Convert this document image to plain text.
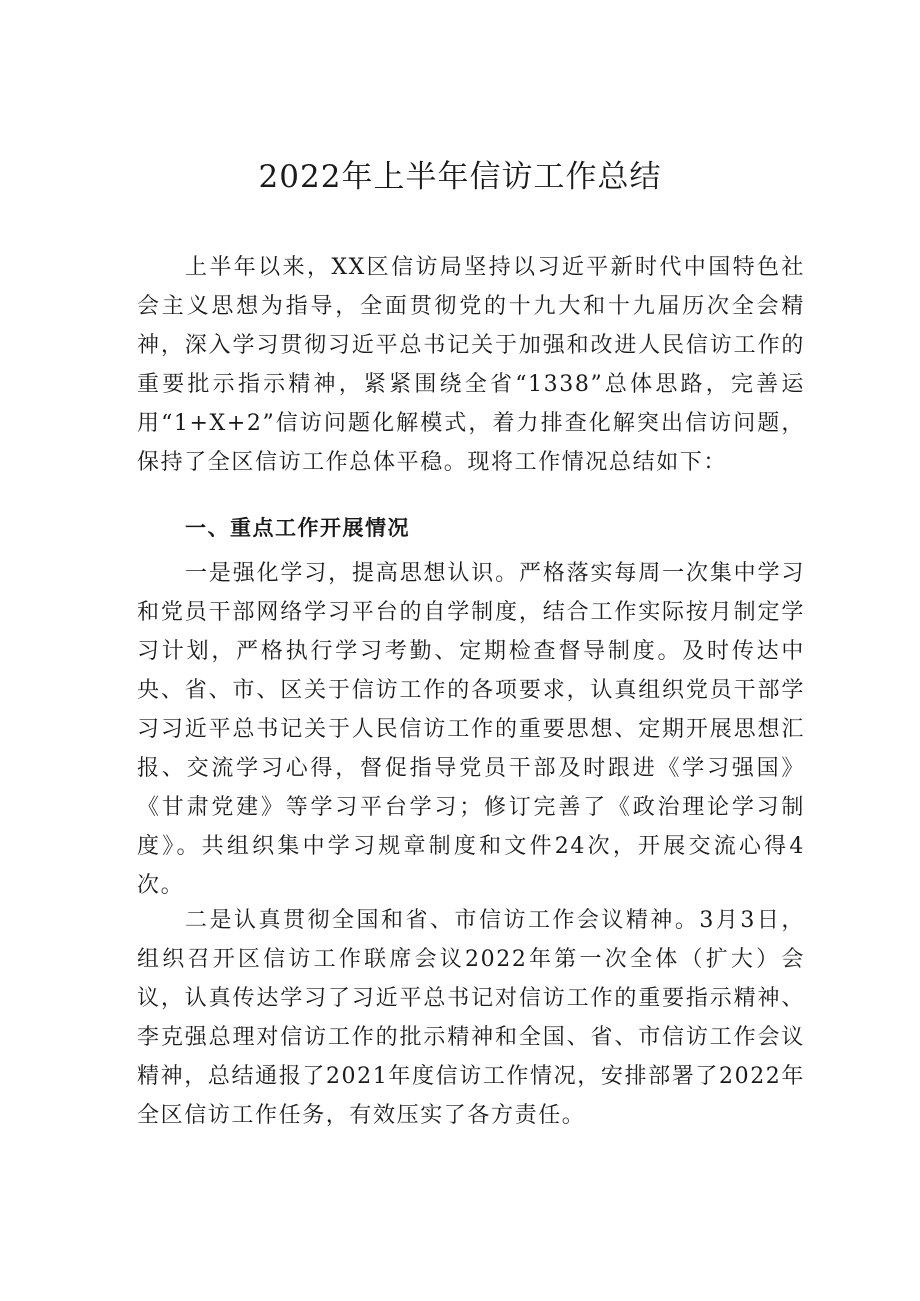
2022年上半年信访工作总结

上半年以来，XX区信访局坚持以习近平新时代中国特色社会主义思想为指导，全面贯彻党的十九大和十九届历次全会精神，深入学习贯彻习近平总书记关于加强和改进人民信访工作的重要批示指示精神，紧紧围绕全省“1338”总体思路，完善运用“1+X+2”信访问题化解模式，着力排查化解突出信访问题，保持了全区信访工作总体平稳。现将工作情况总结如下：

一、重点工作开展情况

一是强化学习，提高思想认识。严格落实每周一次集中学习和党员干部网络学习平台的自学制度，结合工作实际按月制定学习计划，严格执行学习考勤、定期检查督导制度。及时传达中央、省、市、区关于信访工作的各项要求，认真组织党员干部学习习近平总书记关于人民信访工作的重要思想、定期开展思想汇报、交流学习心得，督促指导党员干部及时跟进《学习强国》《甘肃党建》等学习平台学习；修订完善了《政治理论学习制度》。共组织集中学习规章制度和文件24次，开展交流心得4次。

二是认真贯彻全国和省、市信访工作会议精神。3月3日，组织召开区信访工作联席会议2022年第一次全体（扩大）会议，认真传达学习了习近平总书记对信访工作的重要指示精神、李克强总理对信访工作的批示精神和全国、省、市信访工作会议精神，总结通报了2021年度信访工作情况，安排部署了2022年全区信访工作任务，有效压实了各方责任。
